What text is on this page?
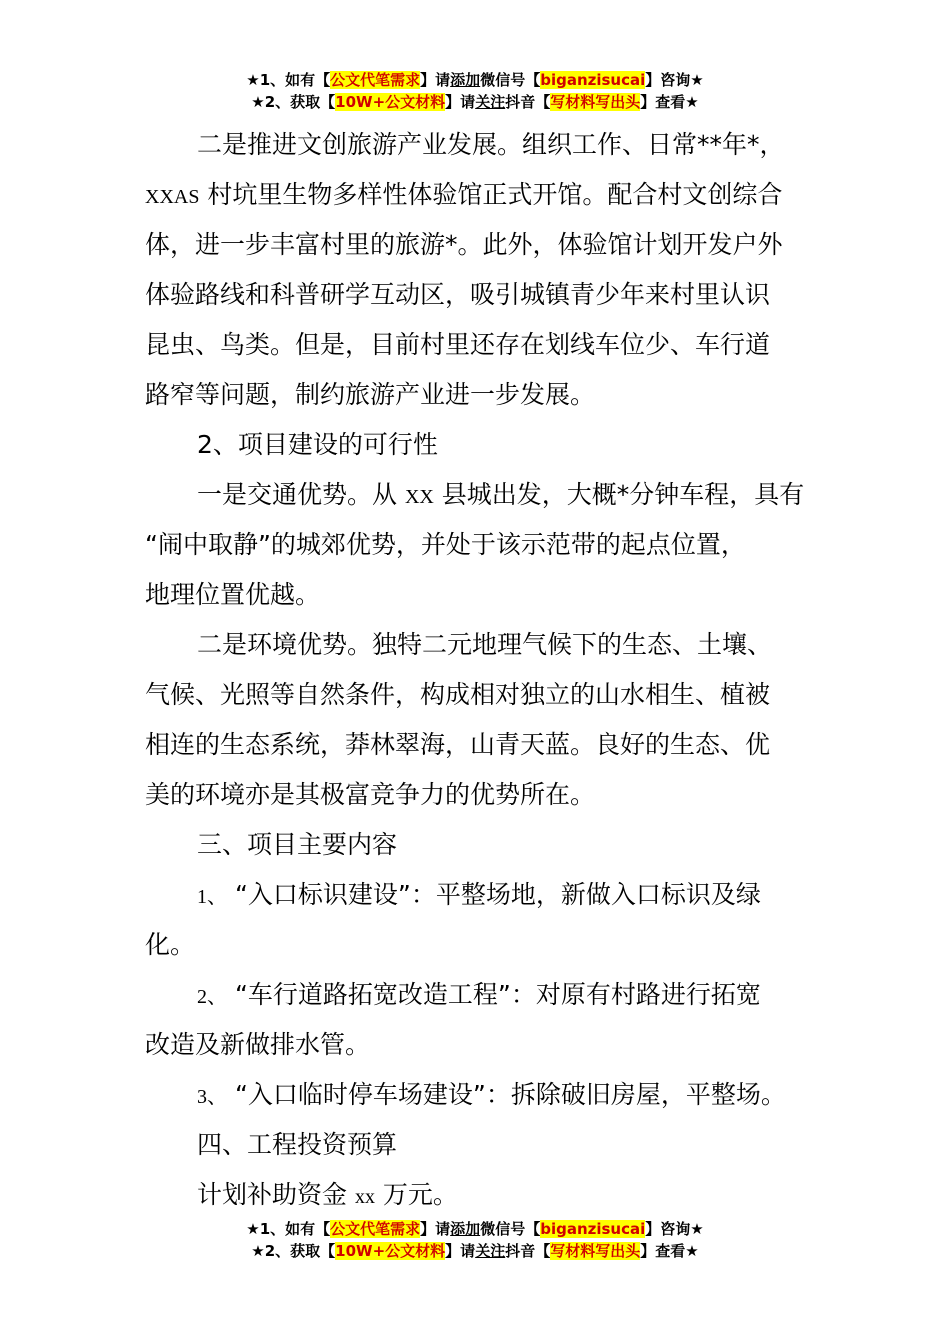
★1、如有【公文代笔需求】请添加微信号【biganzisucai】咨询★
★2、获取【10W+公文材料】请关注抖音【写材料写出头】查看★
二是推进文创旅游产业发展。组织工作、日常**年*，
XXAS 村坑里生物多样性体验馆正式开馆。配合村文创综合
体，进一步丰富村里的旅游*。此外，体验馆计划开发户外
体验路线和科普研学互动区，吸引城镇青少年来村里认识
昆虫、鸟类。但是，目前村里还存在划线车位少、车行道
路窄等问题，制约旅游产业进一步发展。
2、项目建设的可行性
一是交通优势。从 XX 县城出发，大概*分钟车程，具有
“闹中取静”的城郊优势，并处于该示范带的起点位置，
地理位置优越。
二是环境优势。独特二元地理气候下的生态、土壤、
气候、光照等自然条件，构成相对独立的山水相生、植被
相连的生态系统，莽林翠海，山青天蓝。良好的生态、优
美的环境亦是其极富竞争力的优势所在。
三、项目主要内容
1、 “入口标识建设”：平整场地，新做入口标识及绿
化。
2、 “车行道路拓宽改造工程”：对原有村路进行拓宽
改造及新做排水管。
3、 “入口临时停车场建设”：拆除破旧房屋，平整场。
四、工程投资预算
计划补助资金 xx 万元。
★1、如有【公文代笔需求】请添加微信号【biganzisucai】咨询★
★2、获取【10W+公文材料】请关注抖音【写材料写出头】查看★
